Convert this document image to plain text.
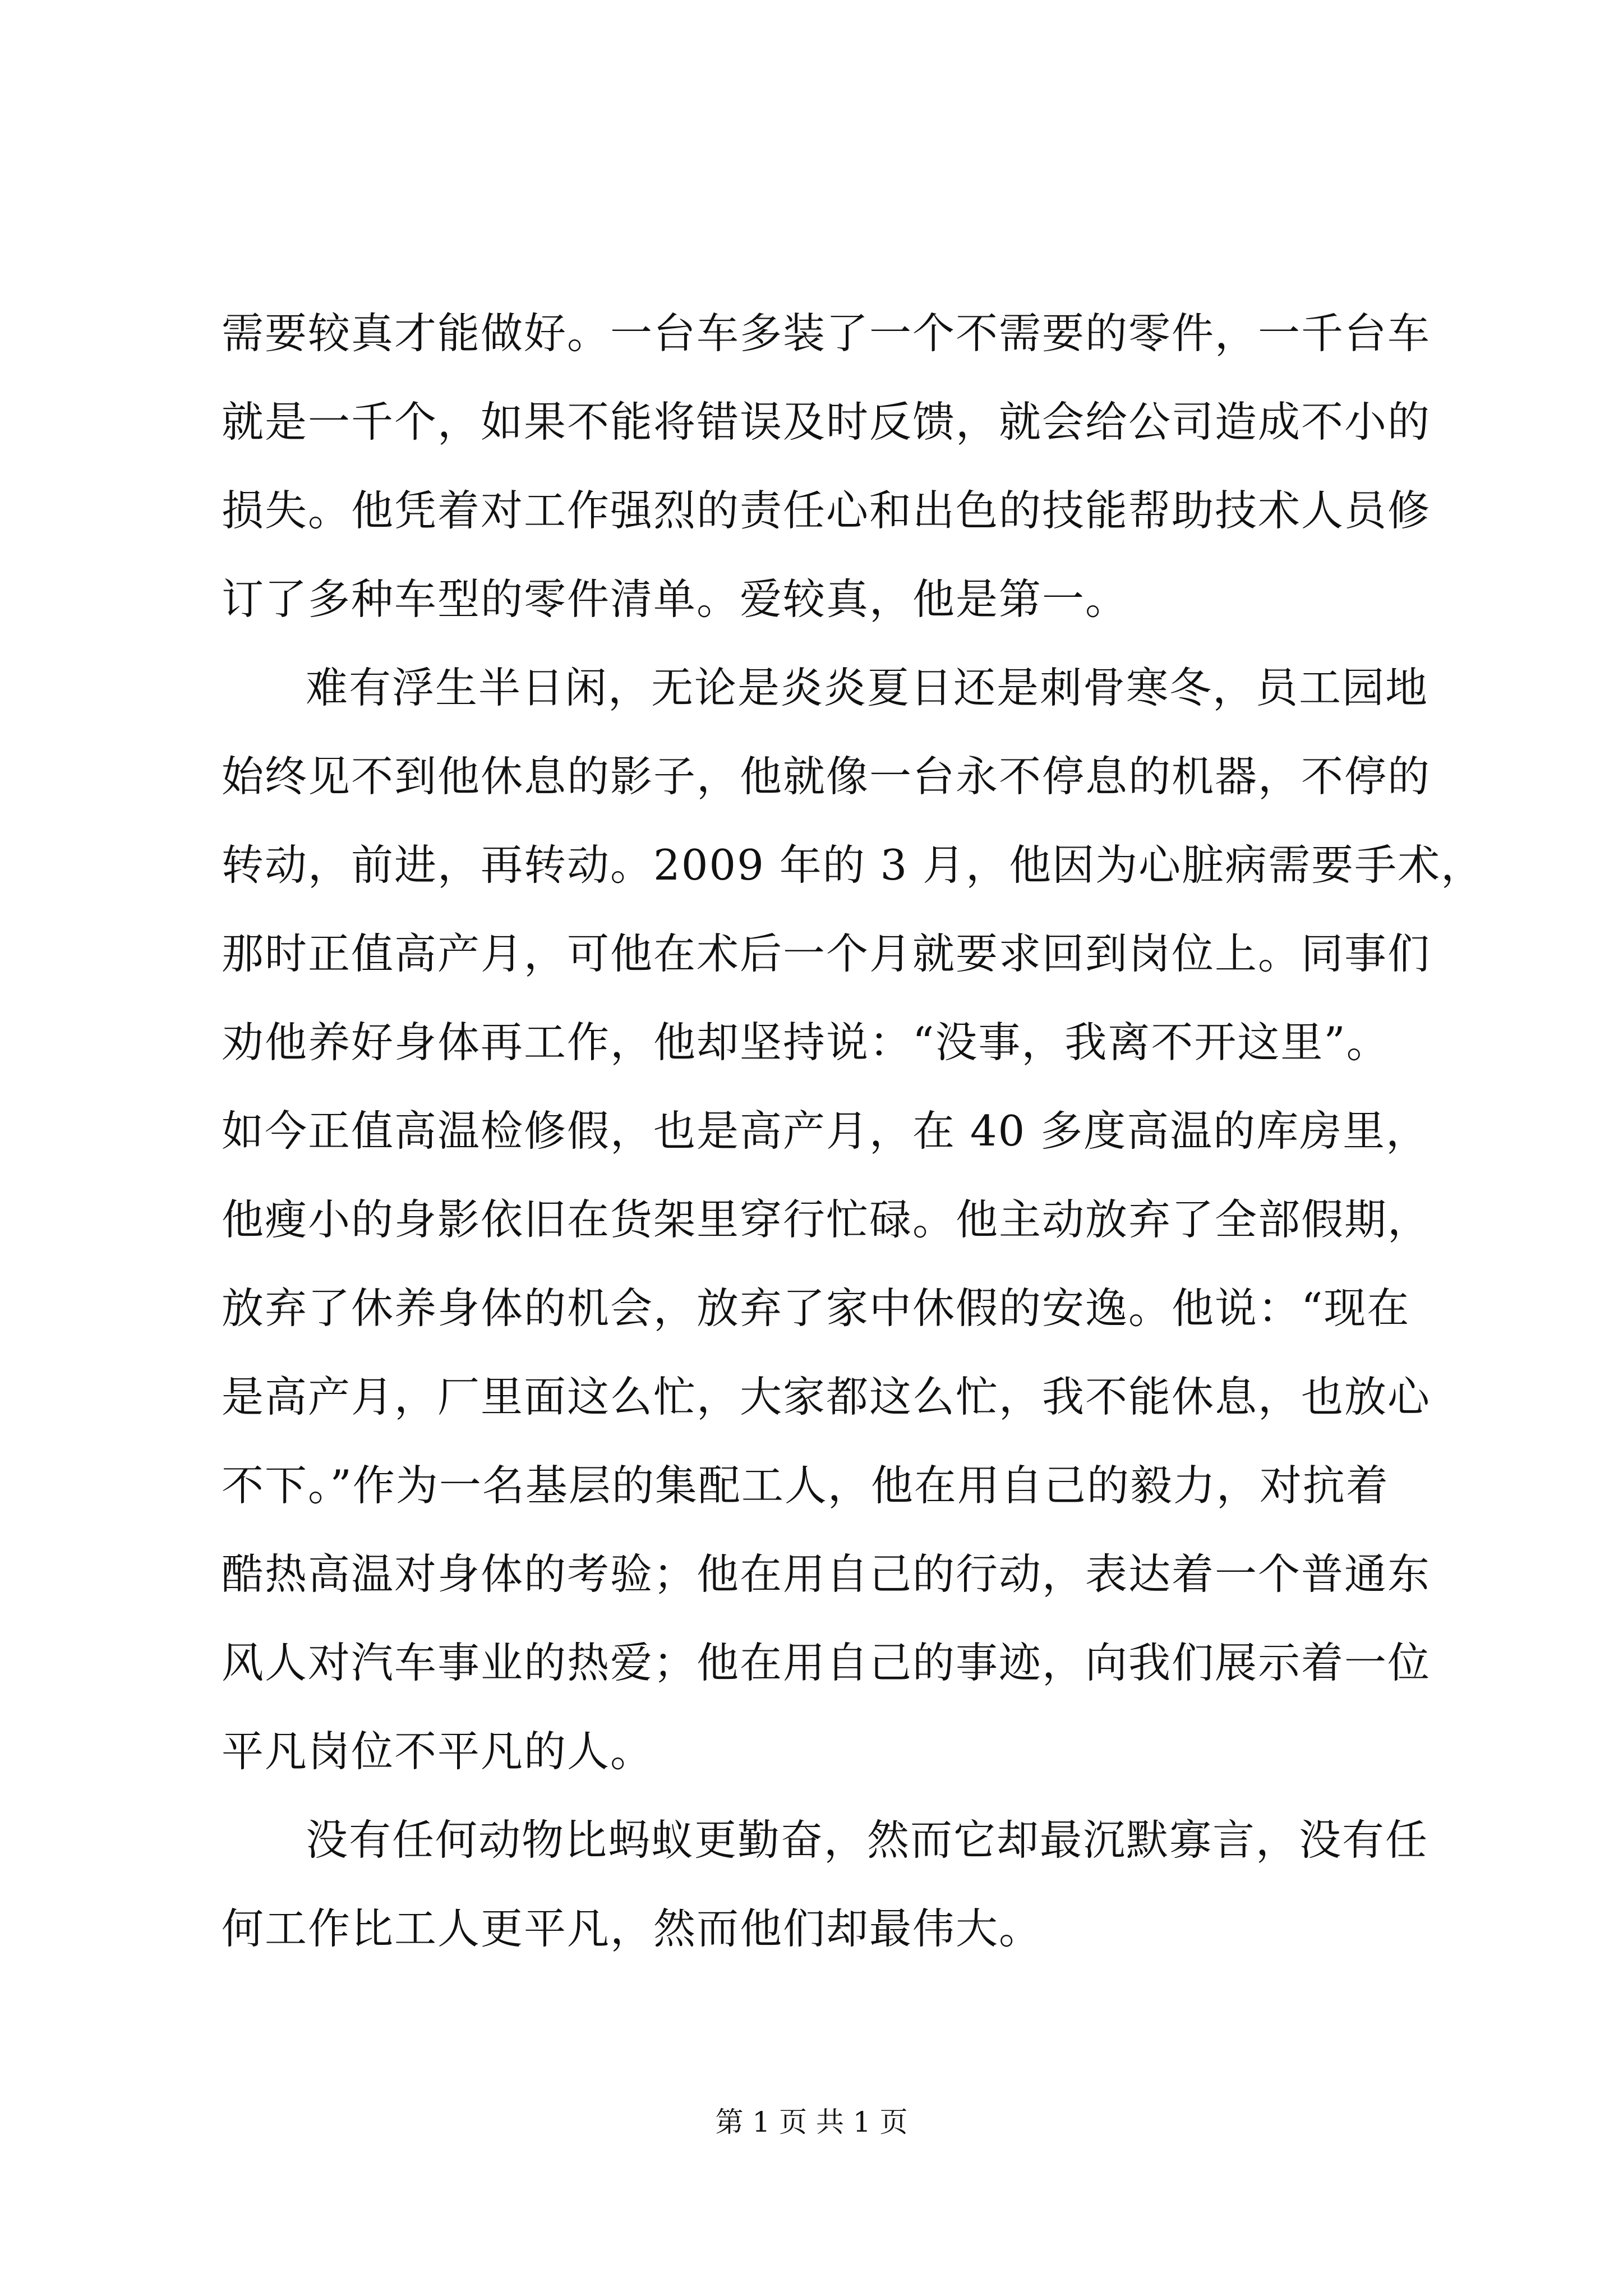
需要较真才能做好。一台车多装了一个不需要的零件，一千台车
就是一千个，如果不能将错误及时反馈，就会给公司造成不小的
损失。他凭着对工作强烈的责任心和出色的技能帮助技术人员修
订了多种车型的零件清单。爱较真，他是第一。
难有浮生半日闲，无论是炎炎夏日还是刺骨寒冬，员工园地
始终见不到他休息的影子，他就像一台永不停息的机器，不停的
转动，前进，再转动。2009 年的 3 月，他因为心脏病需要手术，
那时正值高产月，可他在术后一个月就要求回到岗位上。同事们
劝他养好身体再工作，他却坚持说：“没事，我离不开这里”。
如今正值高温检修假，也是高产月，在 40 多度高温的库房里，
他瘦小的身影依旧在货架里穿行忙碌。他主动放弃了全部假期，
放弃了休养身体的机会，放弃了家中休假的安逸。他说：“现在
是高产月，厂里面这么忙，大家都这么忙，我不能休息，也放心
不下。”作为一名基层的集配工人，他在用自己的毅力，对抗着
酷热高温对身体的考验；他在用自己的行动，表达着一个普通东
风人对汽车事业的热爱；他在用自己的事迹，向我们展示着一位
平凡岗位不平凡的人。
没有任何动物比蚂蚁更勤奋，然而它却最沉默寡言，没有任
何工作比工人更平凡，然而他们却最伟大。
第 1 页 共 1 页
